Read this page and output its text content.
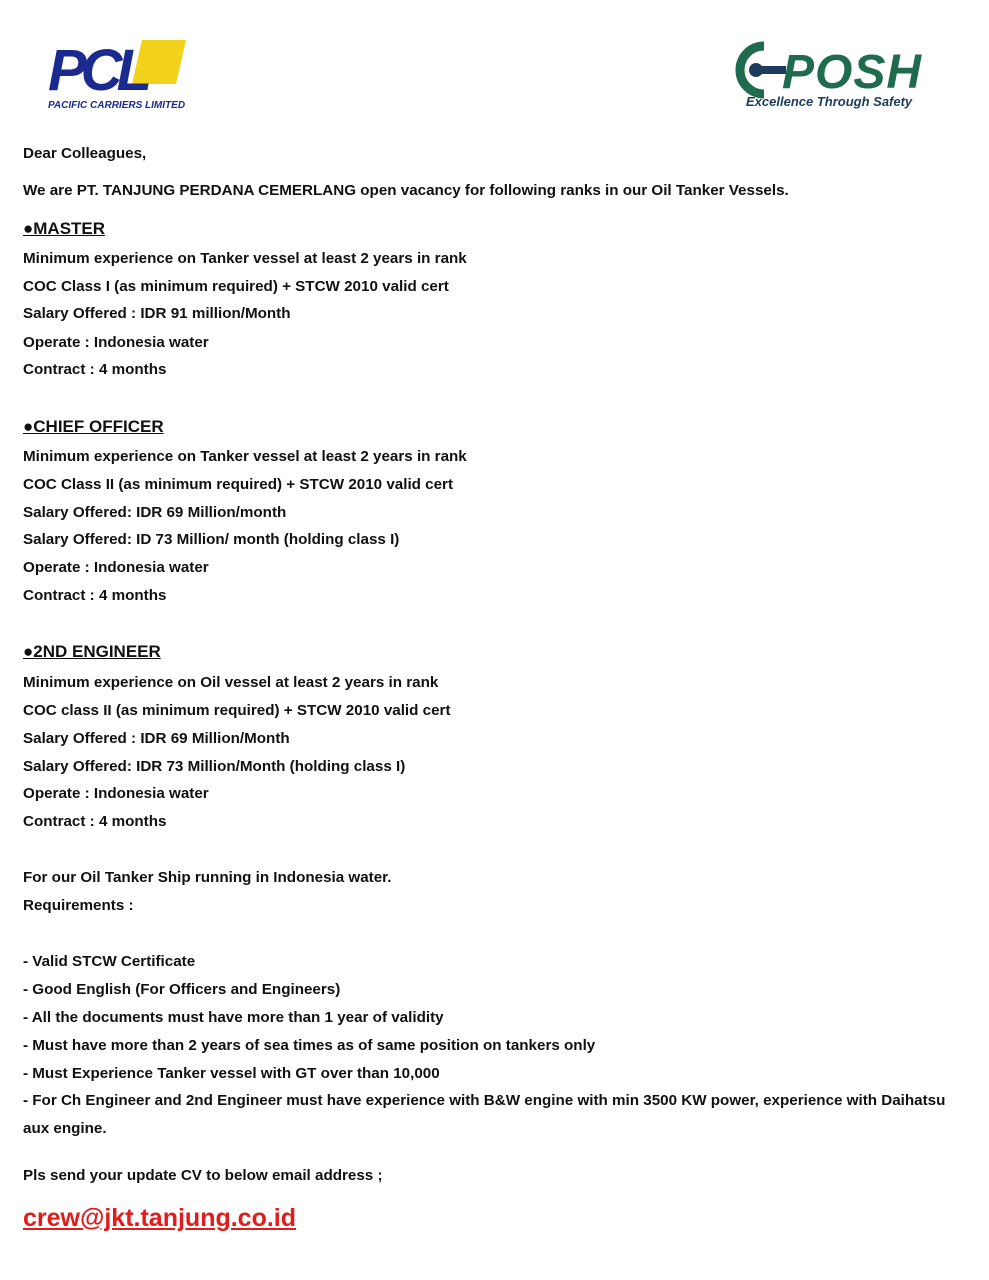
PCL
PACIFIC CARRIERS LIMITED
POSH
Excellence Through Safety
Dear Colleagues,
We are PT. TANJUNG PERDANA CEMERLANG open vacancy for following ranks in our Oil Tanker Vessels.
●MASTER
Minimum experience on Tanker vessel at least 2 years in rank
COC Class I (as minimum required) + STCW 2010 valid cert
Salary Offered : IDR 91 million/Month
Operate : Indonesia water
Contract : 4 months
●CHIEF OFFICER
Minimum experience on Tanker vessel at least 2 years in rank
COC Class II (as minimum required) + STCW 2010 valid cert
Salary Offered: IDR 69 Million/month
Salary Offered: ID 73 Million/ month (holding class I)
Operate : Indonesia water
Contract : 4 months
●2ND ENGINEER
Minimum experience on Oil vessel at least 2 years in rank
COC class II (as minimum required) + STCW 2010 valid cert
Salary Offered : IDR 69 Million/Month
Salary Offered: IDR 73 Million/Month (holding class I)
Operate : Indonesia water
Contract : 4 months
For our Oil Tanker Ship running in Indonesia water.
Requirements :
- Valid STCW Certificate
- Good English (For Officers and Engineers)
- All the documents must have more than 1 year of validity
- Must have more than 2 years of sea times as of same position on tankers only
- Must Experience Tanker vessel with GT over than 10,000
- For Ch Engineer and 2nd Engineer must have experience with B&W engine with min 3500 KW power, experience with Daihatsu aux engine.
Pls send your update CV to below email address ;
crew@jkt.tanjung.co.id
